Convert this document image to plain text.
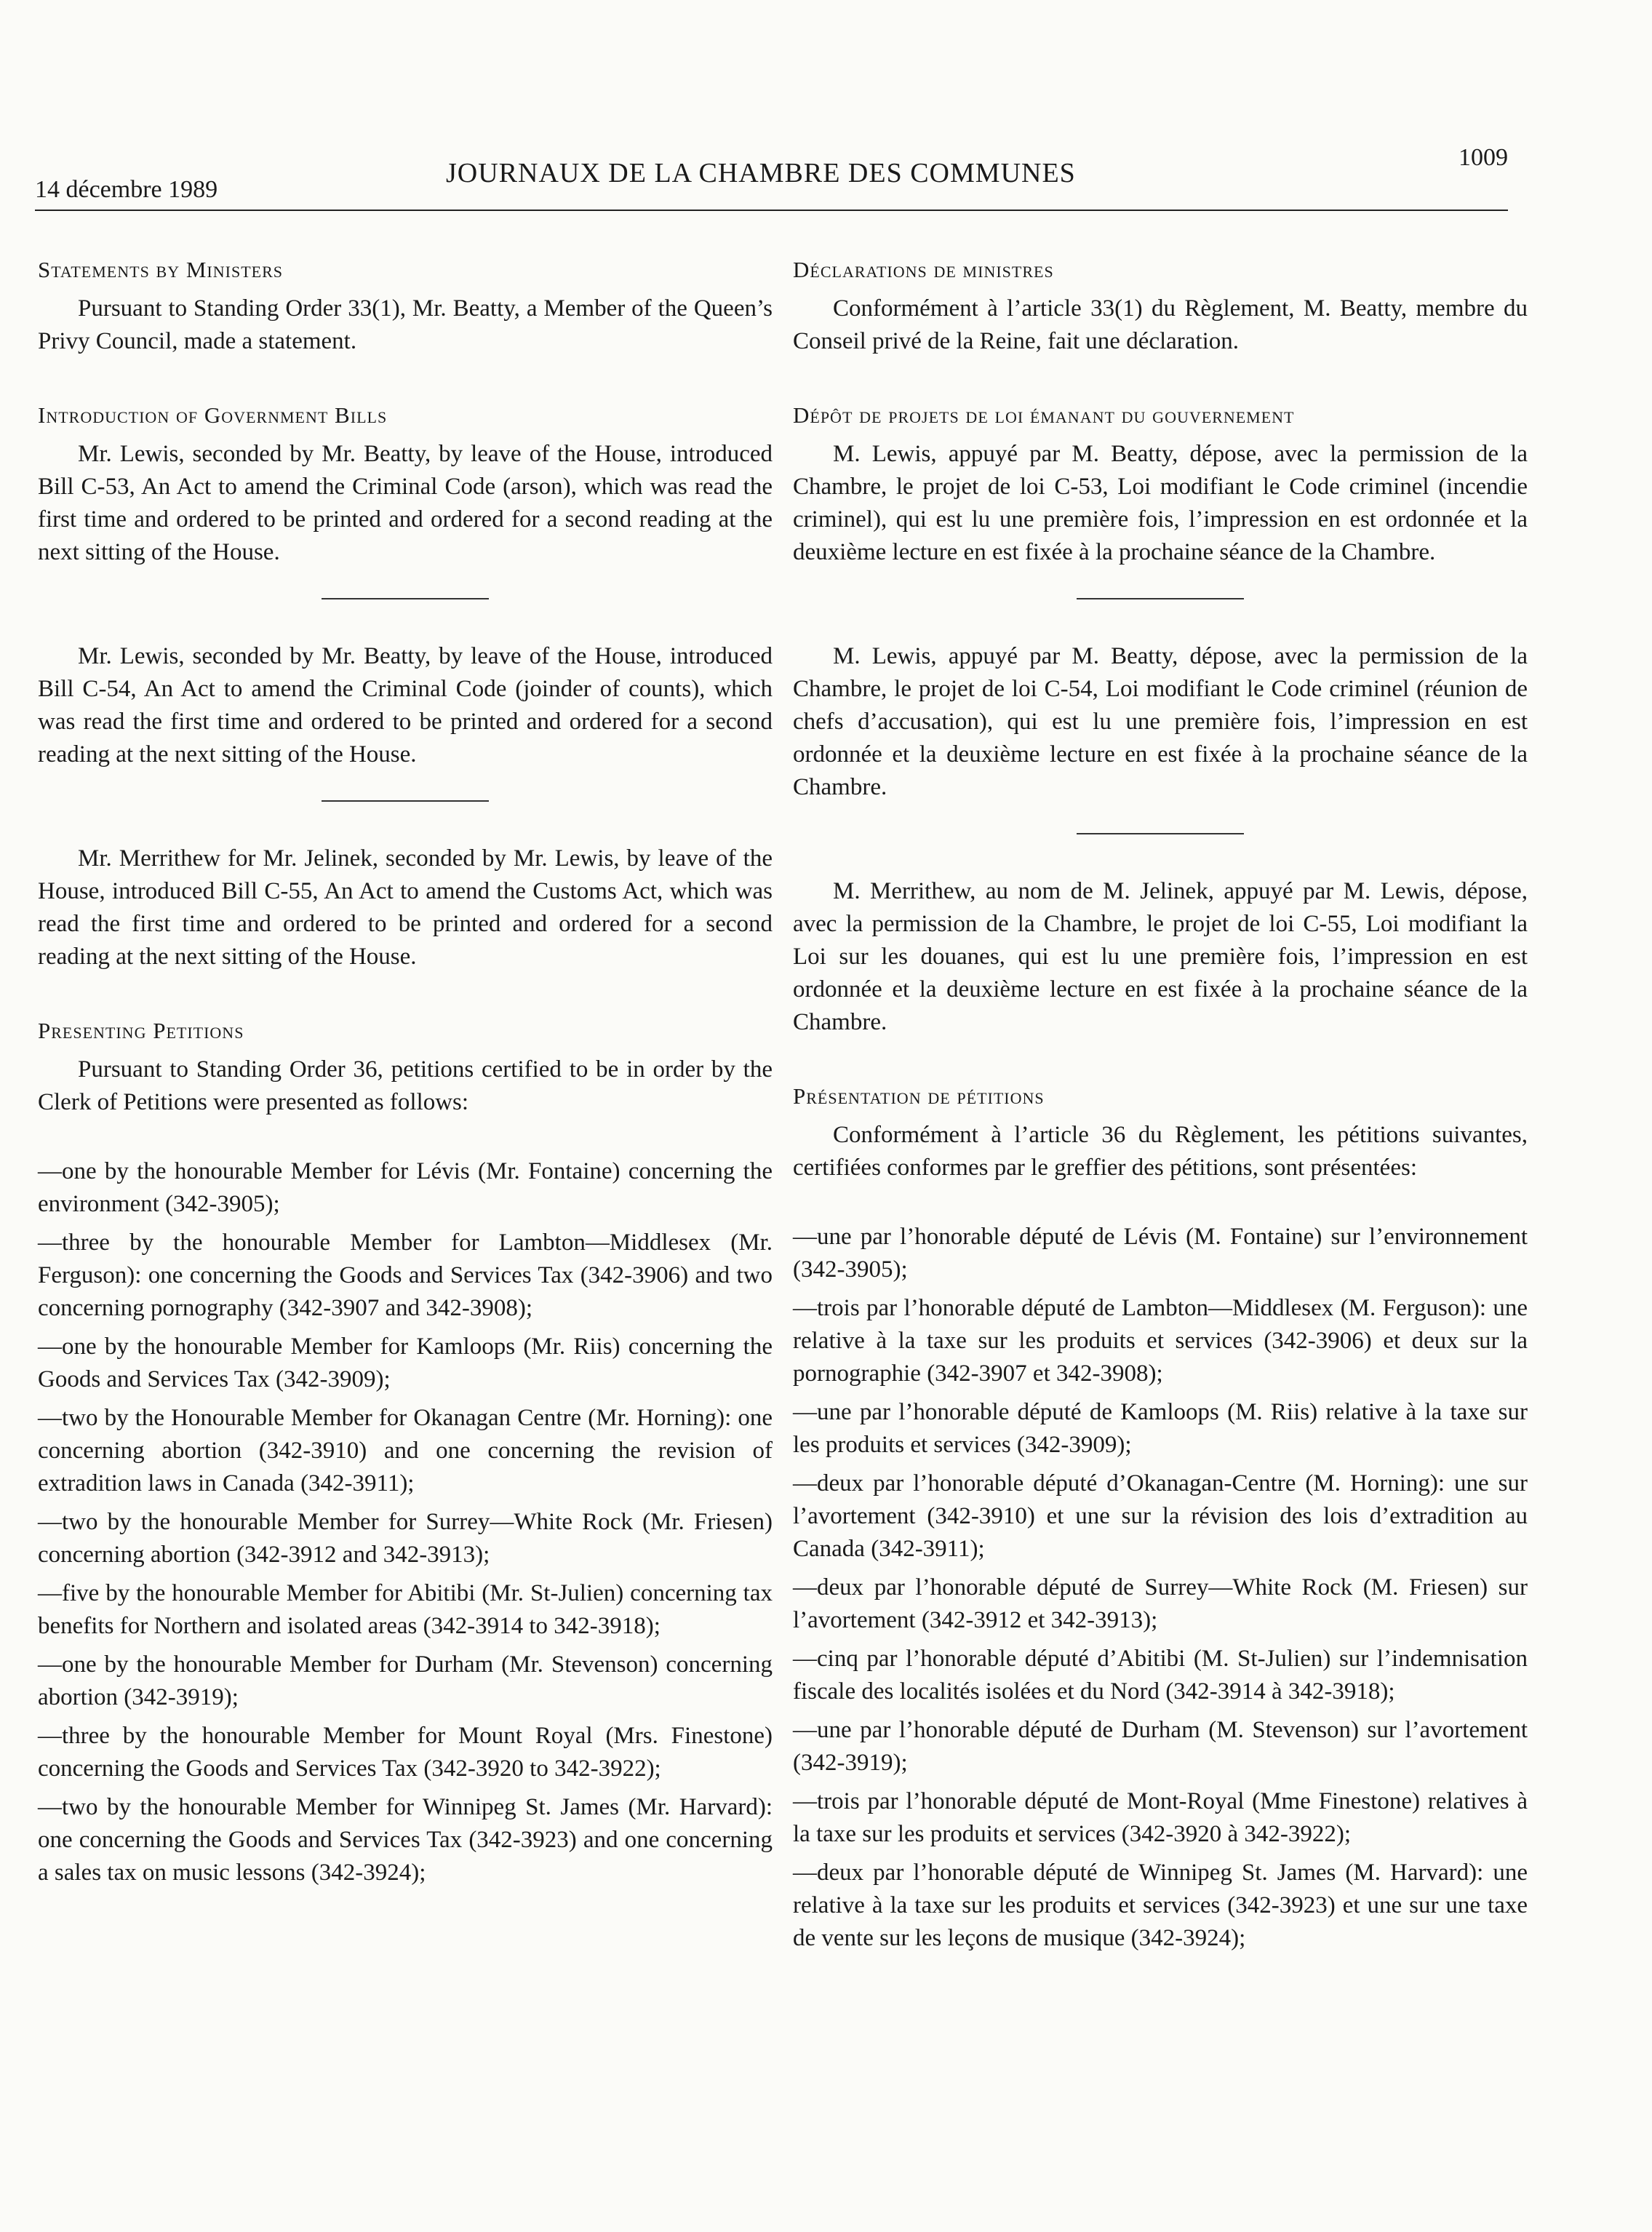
14 décembre 1989
JOURNAUX DE LA CHAMBRE DES COMMUNES
1009
Statements by Ministers

Pursuant to Standing Order 33(1), Mr. Beatty, a Member of the Queen’s Privy Council, made a statement.

Introduction of Government Bills

Mr. Lewis, seconded by Mr. Beatty, by leave of the House, introduced Bill C-53, An Act to amend the Criminal Code (arson), which was read the first time and ordered to be printed and ordered for a second reading at the next sitting of the House.

Mr. Lewis, seconded by Mr. Beatty, by leave of the House, introduced Bill C-54, An Act to amend the Criminal Code (joinder of counts), which was read the first time and ordered to be printed and ordered for a second reading at the next sitting of the House.

Mr. Merrithew for Mr. Jelinek, seconded by Mr. Lewis, by leave of the House, introduced Bill C-55, An Act to amend the Customs Act, which was read the first time and ordered to be printed and ordered for a second reading at the next sitting of the House.

Presenting Petitions

Pursuant to Standing Order 36, petitions certified to be in order by the Clerk of Petitions were presented as follows:

—one by the honourable Member for Lévis (Mr. Fontaine) concerning the environment (342-3905);

—three by the honourable Member for Lambton—Middlesex (Mr. Ferguson): one concerning the Goods and Services Tax (342-3906) and two concerning pornography (342-3907 and 342-3908);

—one by the honourable Member for Kamloops (Mr. Riis) concerning the Goods and Services Tax (342-3909);

—two by the Honourable Member for Okanagan Centre (Mr. Horning): one concerning abortion (342-3910) and one concerning the revision of extradition laws in Canada (342-3911);

—two by the honourable Member for Surrey—White Rock (Mr. Friesen) concerning abortion (342-3912 and 342-3913);

—five by the honourable Member for Abitibi (Mr. St-Julien) concerning tax benefits for Northern and isolated areas (342-3914 to 342-3918);

—one by the honourable Member for Durham (Mr. Stevenson) concerning abortion (342-3919);

—three by the honourable Member for Mount Royal (Mrs. Finestone) concerning the Goods and Services Tax (342-3920 to 342-3922);

—two by the honourable Member for Winnipeg St. James (Mr. Harvard): one concerning the Goods and Services Tax (342-3923) and one concerning a sales tax on music lessons (342-3924);

Déclarations de ministres

Conformément à l’article 33(1) du Règlement, M. Beatty, membre du Conseil privé de la Reine, fait une déclaration.

Dépôt de projets de loi émanant du gouvernement

M. Lewis, appuyé par M. Beatty, dépose, avec la permission de la Chambre, le projet de loi C-53, Loi modifiant le Code criminel (incendie criminel), qui est lu une première fois, l’impression en est ordonnée et la deuxième lecture en est fixée à la prochaine séance de la Chambre.

M. Lewis, appuyé par M. Beatty, dépose, avec la permission de la Chambre, le projet de loi C-54, Loi modifiant le Code criminel (réunion de chefs d’accusation), qui est lu une première fois, l’impression en est ordonnée et la deuxième lecture en est fixée à la prochaine séance de la Chambre.

M. Merrithew, au nom de M. Jelinek, appuyé par M. Lewis, dépose, avec la permission de la Chambre, le projet de loi C-55, Loi modifiant la Loi sur les douanes, qui est lu une première fois, l’impression en est ordonnée et la deuxième lecture en est fixée à la prochaine séance de la Chambre.

Présentation de pétitions

Conformément à l’article 36 du Règlement, les pétitions suivantes, certifiées conformes par le greffier des pétitions, sont présentées:

—une par l’honorable député de Lévis (M. Fontaine) sur l’environnement (342-3905);

—trois par l’honorable député de Lambton—Middlesex (M. Ferguson): une relative à la taxe sur les produits et services (342-3906) et deux sur la pornographie (342-3907 et 342-3908);

—une par l’honorable député de Kamloops (M. Riis) relative à la taxe sur les produits et services (342-3909);

—deux par l’honorable député d’Okanagan-Centre (M. Horning): une sur l’avortement (342-3910) et une sur la révision des lois d’extradition au Canada (342-3911);

—deux par l’honorable député de Surrey—White Rock (M. Friesen) sur l’avortement (342-3912 et 342-3913);

—cinq par l’honorable député d’Abitibi (M. St-Julien) sur l’indemnisation fiscale des localités isolées et du Nord (342-3914 à 342-3918);

—une par l’honorable député de Durham (M. Stevenson) sur l’avortement (342-3919);

—trois par l’honorable député de Mont-Royal (Mme Finestone) relatives à la taxe sur les produits et services (342-3920 à 342-3922);

—deux par l’honorable député de Winnipeg St. James (M. Harvard): une relative à la taxe sur les produits et services (342-3923) et une sur une taxe de vente sur les leçons de musique (342-3924);
